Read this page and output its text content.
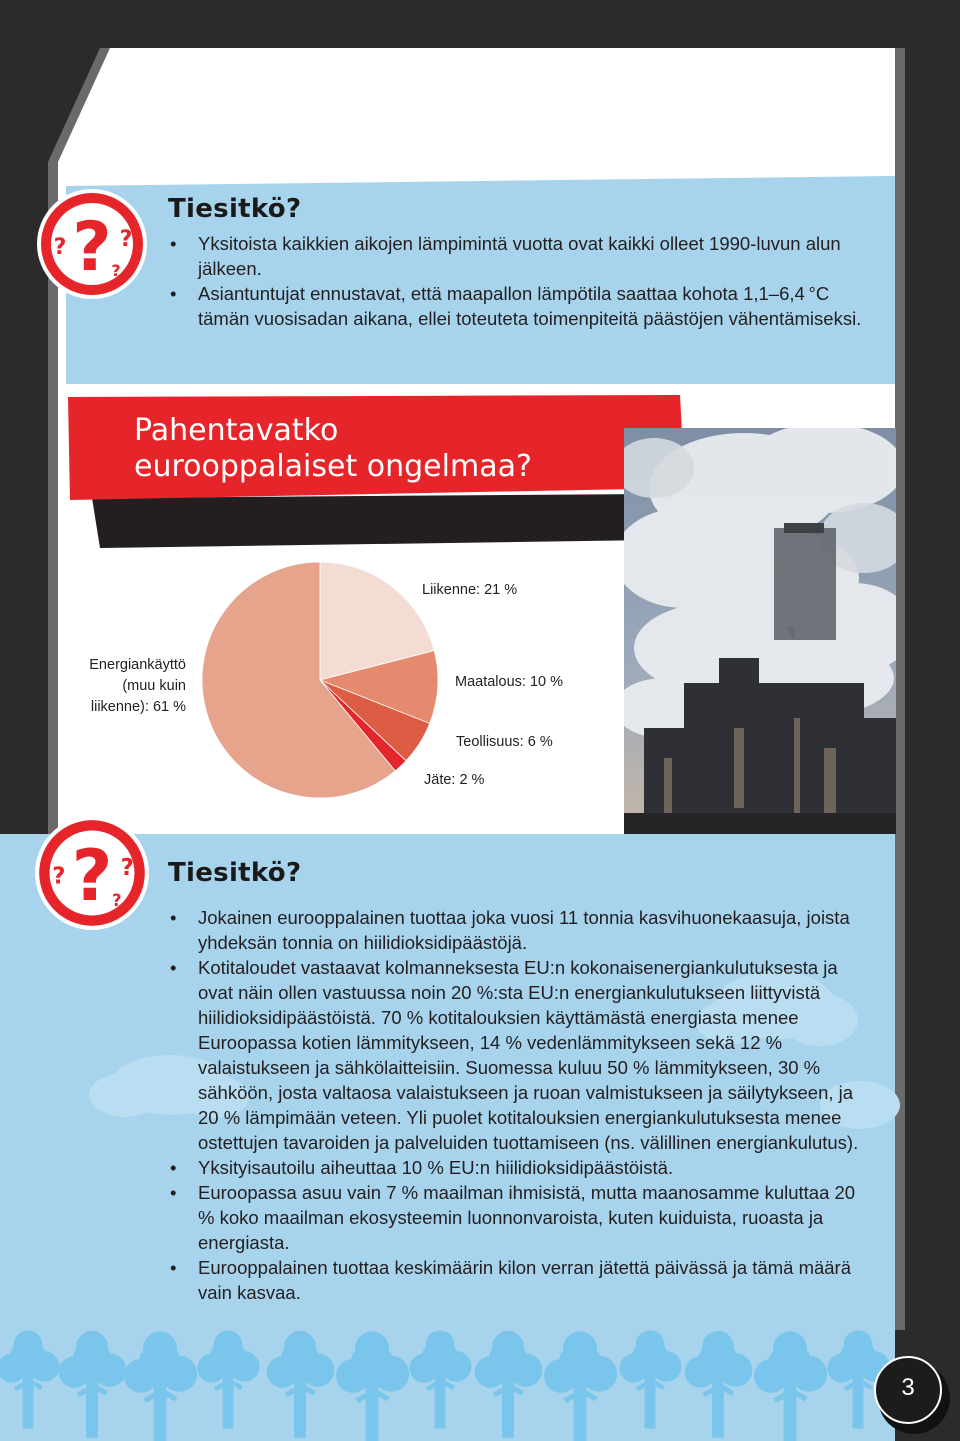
?
? ?
?
Tiesitkö?
• Yksitoista kaikkien aikojen lämpimintä vuotta ovat kaikki olleet 1990-luvun alun jälkeen.
• Asiantuntujat ennustavat, että maapallon lämpötila saattaa kohota 1,1–6,4 °C tämän vuosisadan aikana, ellei toteuteta toimenpiteitä päästöjen vähentämiseksi.
Pahentavatko
eurooppalaiset ongelmaa?
Liikenne: 21 %
Maatalous: 10 %
Teollisuus: 6 %
Jäte: 2 %
Energiankäyttö
(muu kuin
liikenne): 61 %
?
?	?
?
Tiesitkö?
• Jokainen eurooppalainen tuottaa joka vuosi 11 tonnia kasvihuonekaasuja, joista yhdeksän tonnia on hiilidioksidipäästöjä.
• Kotitaloudet vastaavat kolmanneksesta EU:n kokonaisenergiankulutuksesta ja ovat näin ollen vastuussa noin 20 %:sta EU:n energiankulutukseen liittyvistä hiilidioksidipäästöistä. 70 % kotitalouksien käyttämästä energiasta menee Euroopassa kotien lämmitykseen, 14 % vedenlämmitykseen sekä 12 % valaistukseen ja sähkölaitteisiin. Suomessa kuluu 50 % lämmitykseen, 30 % sähköön, josta valtaosa valaistukseen ja ruoan valmistukseen ja säilytykseen, ja 20 % lämpimään veteen. Yli puolet kotitalouksien energiankulutuksesta menee ostettujen tavaroiden ja palveluiden tuottamiseen (ns. välillinen energiankulutus).
• Yksityisautoilu aiheuttaa 10 % EU:n hiilidioksidipäästöistä.
• Euroopassa asuu vain 7 % maailman ihmisistä, mutta maanosamme kuluttaa 20 % koko maailman ekosysteemin luonnonvaroista, kuten kuiduista, ruoasta ja energiasta.
• Eurooppalainen tuottaa keskimäärin kilon verran jätettä päivässä ja tämä määrä vain kasvaa.
3
